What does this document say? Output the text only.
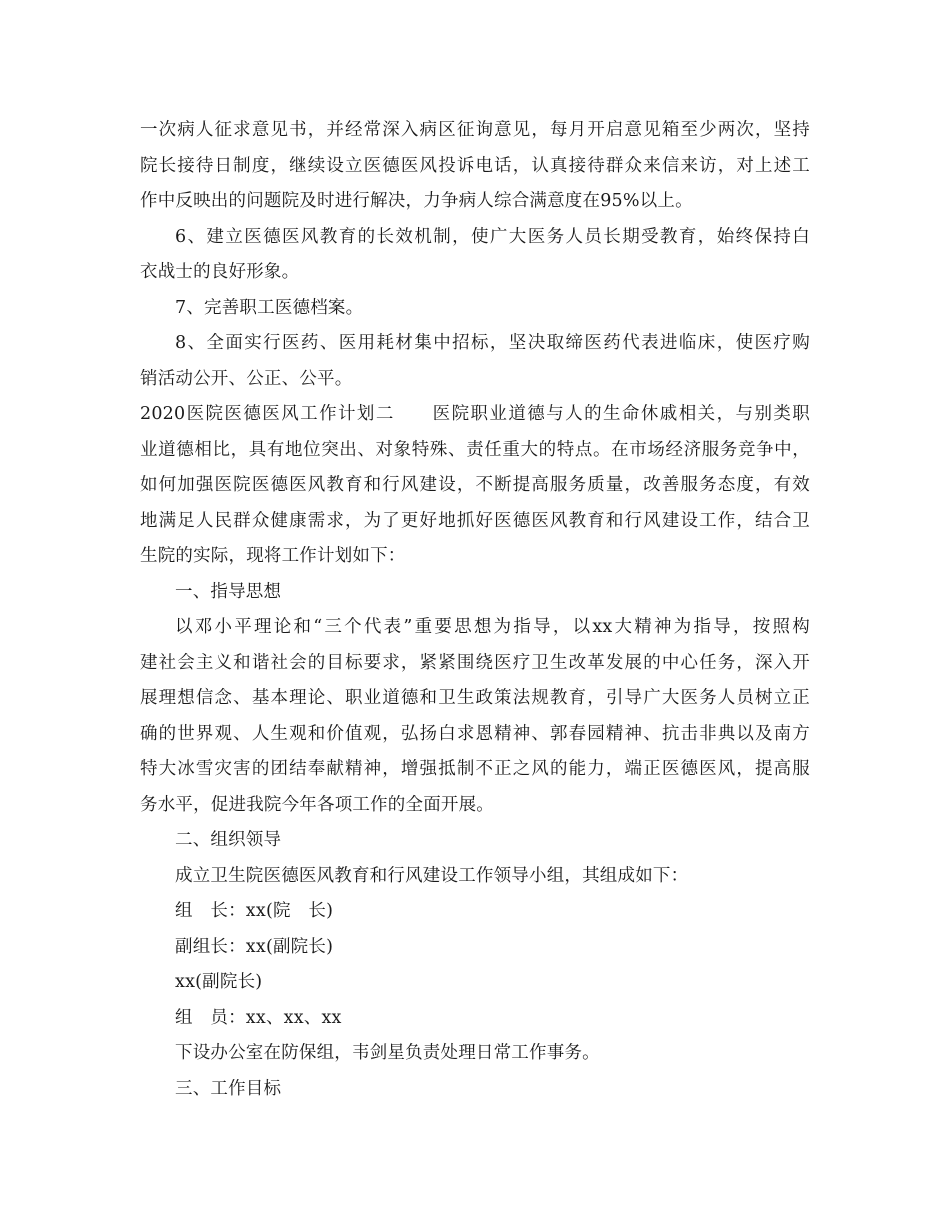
一次病人征求意见书，并经常深入病区征询意见，每月开启意见箱至少两次，坚持
院长接待日制度，继续设立医德医风投诉电话，认真接待群众来信来访，对上述工
作中反映出的问题院及时进行解决，力争病人综合满意度在95%以上。
6、建立医德医风教育的长效机制，使广大医务人员长期受教育，始终保持白
衣战士的良好形象。
7、完善职工医德档案。
8、全面实行医药、医用耗材集中招标，坚决取缔医药代表进临床，使医疗购
销活动公开、公正、公平。
2020医院医德医风工作计划二　　医院职业道德与人的生命休戚相关，与别类职
业道德相比，具有地位突出、对象特殊、责任重大的特点。在市场经济服务竞争中，
如何加强医院医德医风教育和行风建设，不断提高服务质量，改善服务态度，有效
地满足人民群众健康需求，为了更好地抓好医德医风教育和行风建设工作，结合卫
生院的实际，现将工作计划如下：
一、指导思想
以邓小平理论和“三个代表”重要思想为指导，以xx大精神为指导，按照构
建社会主义和谐社会的目标要求，紧紧围绕医疗卫生改革发展的中心任务，深入开
展理想信念、基本理论、职业道德和卫生政策法规教育，引导广大医务人员树立正
确的世界观、人生观和价值观，弘扬白求恩精神、郭春园精神、抗击非典以及南方
特大冰雪灾害的团结奉献精神，增强抵制不正之风的能力，端正医德医风，提高服
务水平，促进我院今年各项工作的全面开展。
二、组织领导
成立卫生院医德医风教育和行风建设工作领导小组，其组成如下：
组　长：xx(院　长)
副组长：xx(副院长)
xx(副院长)
组　员：xx、xx、xx
下设办公室在防保组，韦剑星负责处理日常工作事务。
三、工作目标
